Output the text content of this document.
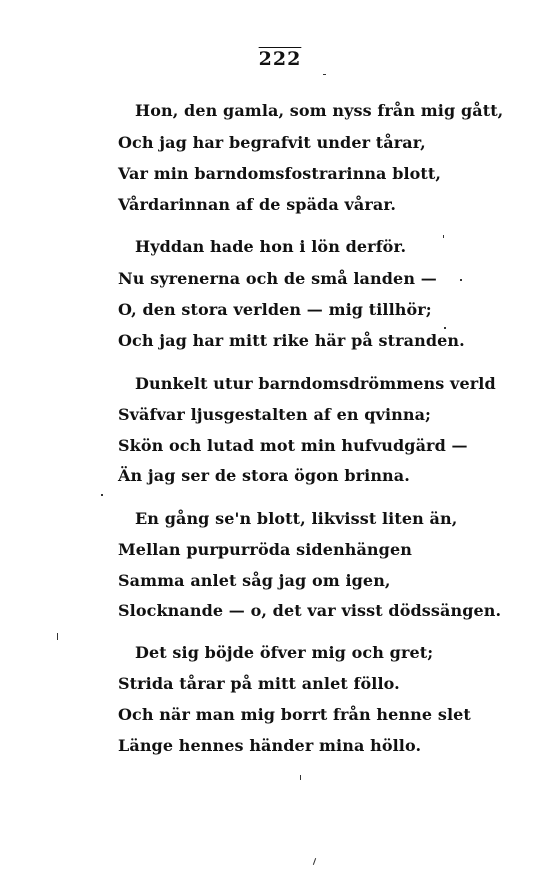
222
Hon, den gamla, som nyss från mig gått,
Och jag har begrafvit under tårar,
Var min barndomsfostrarinna blott,
Vårdarinnan af de späda vårar.
Hyddan hade hon i lön derför.
Nu syrenerna och de små landen —
O, den stora verlden — mig tillhör;
Och jag har mitt rike här på stranden.
Dunkelt utur barndomsdrömmens verld
Sväfvar ljusgestalten af en qvinna;
Skön och lutad mot min hufvudgärd —
Än jag ser de stora ögon brinna.
En gång se'n blott, likvisst liten än,
Mellan purpurröda sidenhängen
Samma anlet såg jag om igen,
Slocknande — o, det var visst dödssängen.
Det sig böjde öfver mig och gret;
Strida tårar på mitt anlet föllo.
Och när man mig borrt från henne slet
Länge hennes händer mina höllo.
